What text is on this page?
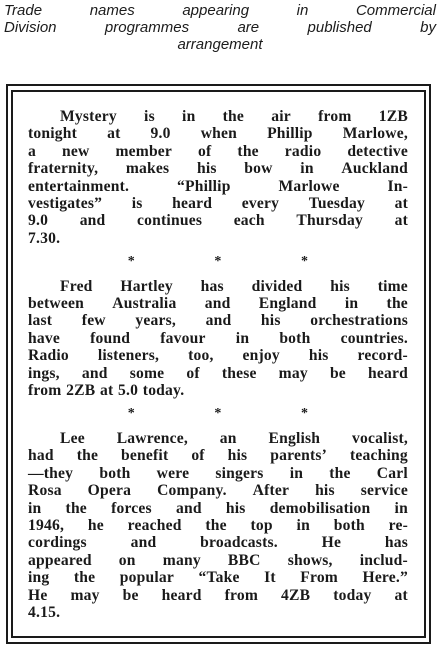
Trade	names	appearing	in	Commercial
Division	programmes	are	published	by
arrangement
Mystery is in the air from 1ZB
tonight at 9.0 when Phillip Marlowe,
a new member of the radio detective
fraternity, makes his bow in Auckland
entertainment.	“Phillip	Marlowe	In-
vestigates” is heard every Tuesday at
9.0 and continues each Thursday at
7.30.
*	*	*
Fred Hartley has divided his time
between Australia and England in the
last few years, and his orchestrations
have found favour in both countries.
Radio listeners, too, enjoy his record-
ings, and some of these may be heard
from 2ZB at 5.0 today.
*	*	*
Lee Lawrence, an English vocalist,
had the benefit of his parents’ teaching
—they both were singers in the Carl
Rosa Opera Company. After his service
in the forces and his demobilisation in
1946, he reached the top in both re-
cordings	and	broadcasts.	He	has
appeared on many BBC shows, includ-
ing the popular “Take It From Here.”
He may be heard from 4ZB today at
4.15.
